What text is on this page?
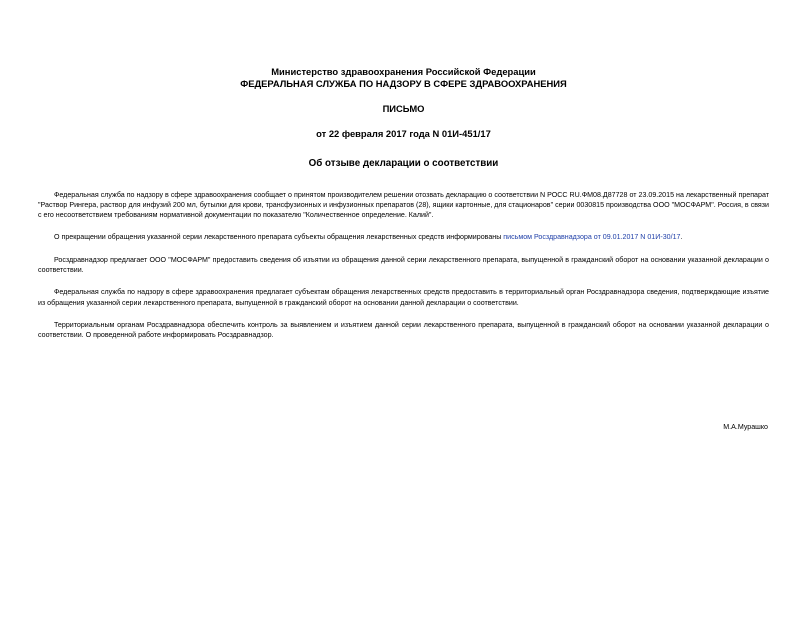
Министерство здравоохранения Российской Федерации
ФЕДЕРАЛЬНАЯ СЛУЖБА ПО НАДЗОРУ В СФЕРЕ ЗДРАВООХРАНЕНИЯ
ПИСЬМО
от 22 февраля 2017 года N 01И-451/17
Об отзыве декларации о соответствии

Федеральная служба по надзору в сфере здравоохранения сообщает о принятом производителем решении отозвать декларацию о соответствии N РОСС RU.ФМ08.Д87728 от 23.09.2015 на лекарственный препарат "Раствор Рингера, раствор для инфузий 200 мл, бутылки для крови, трансфузионных и инфузионных препаратов (28), ящики картонные, для стационаров" серии 0030815 производства ООО "МОСФАРМ". Россия, в связи с его несоответствием требованиям нормативной документации по показателю "Количественное определение. Калий".

О прекращении обращения указанной серии лекарственного препарата субъекты обращения лекарственных средств информированы письмом Росздравнадзора от 09.01.2017 N 01И-30/17.

Росздравнадзор предлагает ООО "МОСФАРМ" предоставить сведения об изъятии из обращения данной серии лекарственного препарата, выпущенной в гражданский оборот на основании указанной декларации о соответствии.

Федеральная служба по надзору в сфере здравоохранения предлагает субъектам обращения лекарственных средств предоставить в территориальный орган Росздравнадзора сведения, подтверждающие изъятие из обращения указанной серии лекарственного препарата, выпущенной в гражданский оборот на основании данной декларации о соответствии.

Территориальным органам Росздравнадзора обеспечить контроль за выявлением и изъятием данной серии лекарственного препарата, выпущенной в гражданский оборот на основании указанной декларации о соответствии. О проведенной работе информировать Росздравнадзор.

М.А.Мурашко
